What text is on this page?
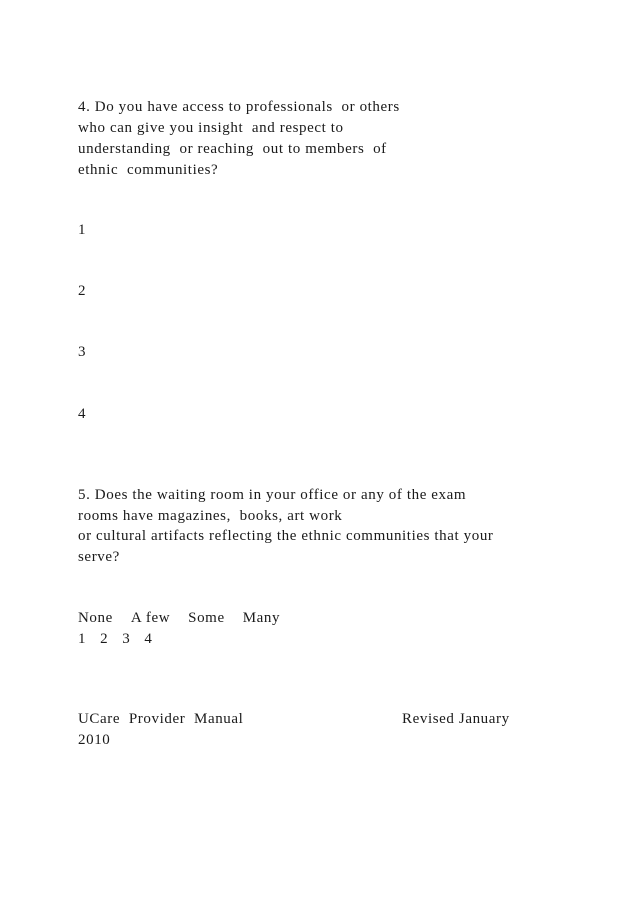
4. Do you have access to professionals  or others
who can give you insight  and respect to
understanding  or reaching  out to members  of
ethnic  communities?
1
2
3
4
5. Does the waiting room in your office or any of the exam
rooms have magazines,  books, art work
or cultural artifacts reflecting the ethnic communities that your
serve?
None A few Some Many
1 2 3 4
UCare  Provider  Manual	Revised January
2010
